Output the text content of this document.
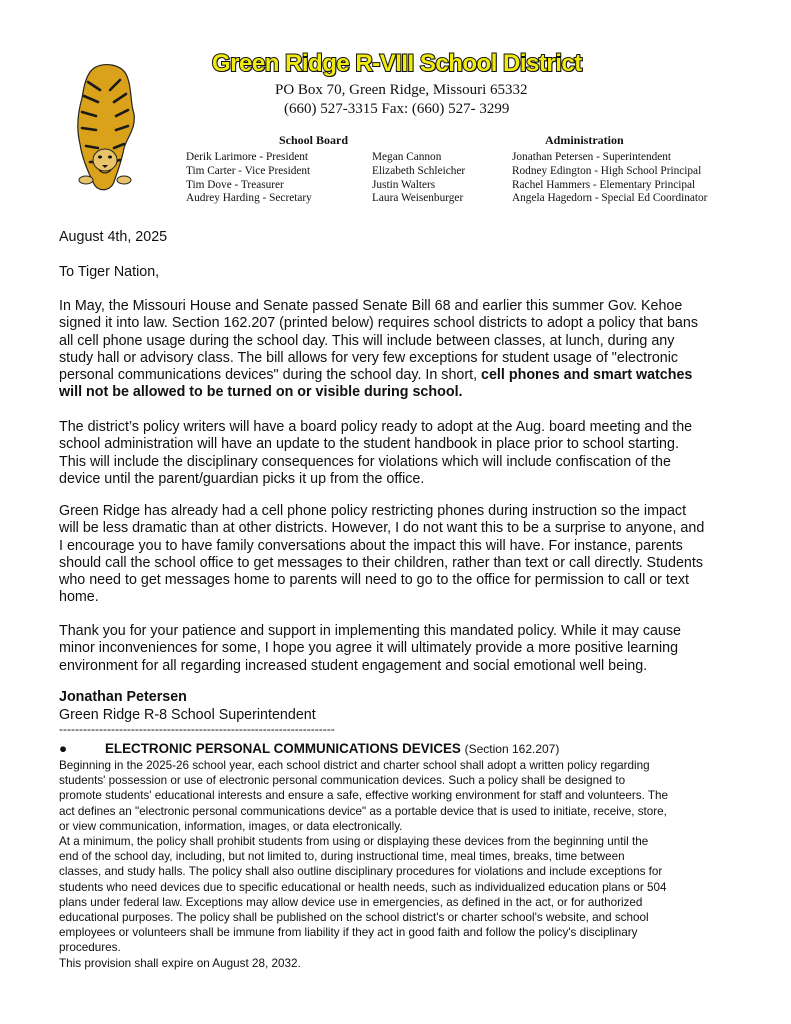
Green Ridge R-VIII School District
PO Box 70, Green Ridge, Missouri 65332
(660) 527-3315 Fax: (660) 527- 3299
School Board	Administration
Derik Larimore - President
Tim Carter - Vice President
Tim Dove - Treasurer
Audrey Harding - Secretary
Megan Cannon
Elizabeth Schleicher
Justin Walters
Laura Weisenburger
Jonathan Petersen - Superintendent
Rodney Edington - High School Principal
Rachel Hammers - Elementary Principal
Angela Hagedorn - Special Ed Coordinator
August 4th, 2025
To Tiger Nation,
In May, the Missouri House and Senate passed Senate Bill 68 and earlier this summer Gov. Kehoe
signed it into law. Section 162.207 (printed below) requires school districts to adopt a policy that bans
all cell phone usage during the school day. This will include between classes, at lunch, during any
study hall or advisory class. The bill allows for very few exceptions for student usage of "electronic
personal communications devices" during the school day. In short, cell phones and smart watches
will not be allowed to be turned on or visible during school.
The district’s policy writers will have a board policy ready to adopt at the Aug. board meeting and the
school administration will have an update to the student handbook in place prior to school starting.
This will include the disciplinary consequences for violations which will include confiscation of the
device until the parent/guardian picks it up from the office.
Green Ridge has already had a cell phone policy restricting phones during instruction so the impact
will be less dramatic than at other districts. However, I do not want this to be a surprise to anyone, and
I encourage you to have family conversations about the impact this will have. For instance, parents
should call the school office to get messages to their children, rather than text or call directly. Students
who need to get messages home to parents will need to go to the office for permission to call or text
home.
Thank you for your patience and support in implementing this mandated policy. While it may cause
minor inconveniences for some, I hope you agree it will ultimately provide a more positive learning
environment for all regarding increased student engagement and social emotional well being.
Jonathan Petersen
Green Ridge R-8 School Superintendent
---------------------------------------------------------------------
●	ELECTRONIC PERSONAL COMMUNICATIONS DEVICES (Section 162.207)
Beginning in the 2025-26 school year, each school district and charter school shall adopt a written policy regarding
students' possession or use of electronic personal communication devices. Such a policy shall be designed to
promote students' educational interests and ensure a safe, effective working environment for staff and volunteers. The
act defines an "electronic personal communications device" as a portable device that is used to initiate, receive, store,
or view communication, information, images, or data electronically.
At a minimum, the policy shall prohibit students from using or displaying these devices from the beginning until the
end of the school day, including, but not limited to, during instructional time, meal times, breaks, time between
classes, and study halls. The policy shall also outline disciplinary procedures for violations and include exceptions for
students who need devices due to specific educational or health needs, such as individualized education plans or 504
plans under federal law. Exceptions may allow device use in emergencies, as defined in the act, or for authorized
educational purposes. The policy shall be published on the school district's or charter school's website, and school
employees or volunteers shall be immune from liability if they act in good faith and follow the policy's disciplinary
procedures.
This provision shall expire on August 28, 2032.
